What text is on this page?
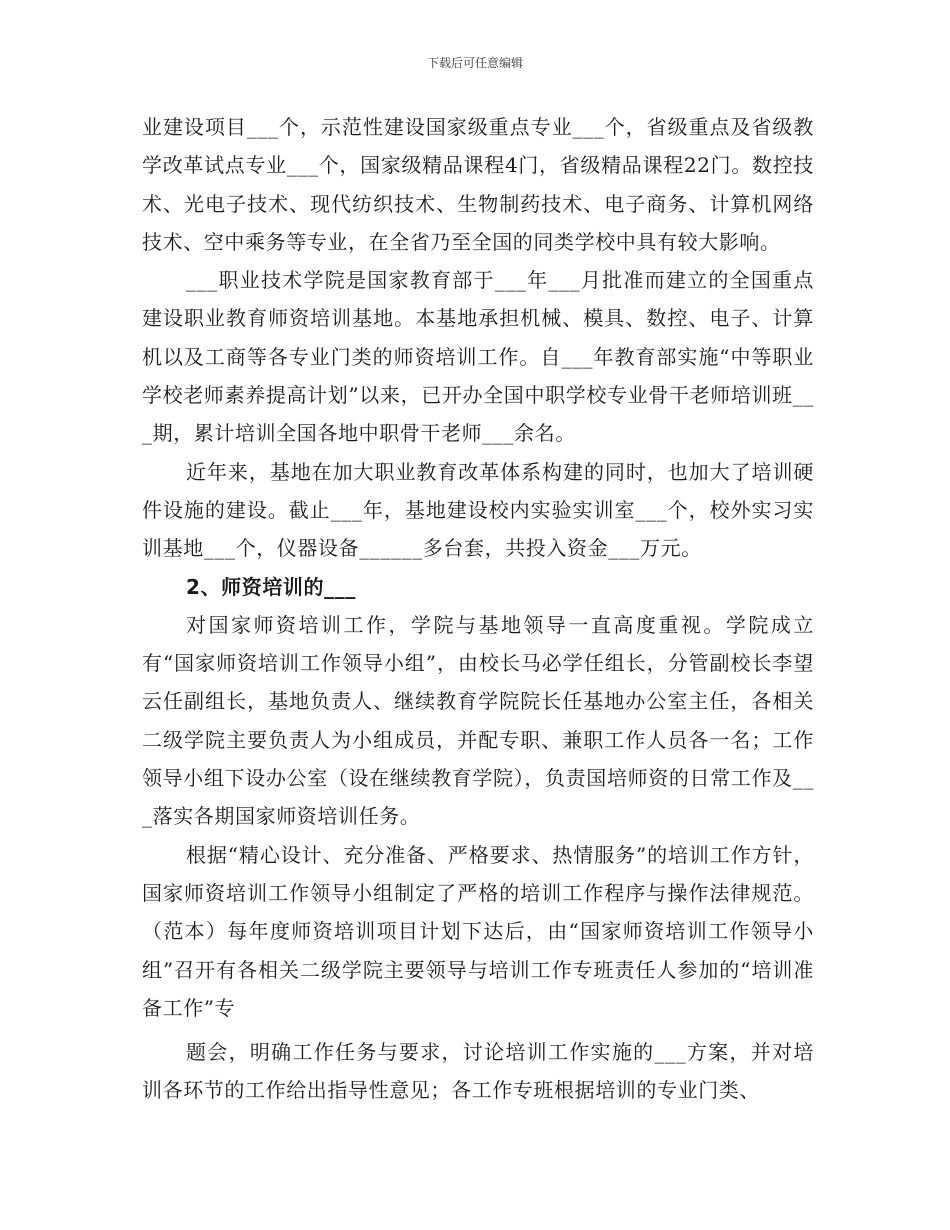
下载后可任意编辑

业建设项目___个，示范性建设国家级重点专业___个，省级重点及省级教学改革试点专业___个，国家级精品课程4门，省级精品课程22门。数控技术、光电子技术、现代纺织技术、生物制药技术、电子商务、计算机网络技术、空中乘务等专业，在全省乃至全国的同类学校中具有较大影响。

___职业技术学院是国家教育部于___年___月批准而建立的全国重点建设职业教育师资培训基地。本基地承担机械、模具、数控、电子、计算机以及工商等各专业门类的师资培训工作。自___年教育部实施“中等职业学校老师素养提高计划”以来，已开办全国中职学校专业骨干老师培训班___期，累计培训全国各地中职骨干老师___余名。

近年来，基地在加大职业教育改革体系构建的同时，也加大了培训硬件设施的建设。截止___年，基地建设校内实验实训室___个，校外实习实训基地___个，仪器设备______多台套，共投入资金___万元。

2、师资培训的___

对国家师资培训工作，学院与基地领导一直高度重视。学院成立有“国家师资培训工作领导小组”，由校长马必学任组长，分管副校长李望云任副组长，基地负责人、继续教育学院院长任基地办公室主任，各相关二级学院主要负责人为小组成员，并配专职、兼职工作人员各一名；工作领导小组下设办公室（设在继续教育学院），负责国培师资的日常工作及___落实各期国家师资培训任务。

根据“精心设计、充分准备、严格要求、热情服务”的培训工作方针，国家师资培训工作领导小组制定了严格的培训工作程序与操作法律规范。（范本）每年度师资培训项目计划下达后，由“国家师资培训工作领导小组”召开有各相关二级学院主要领导与培训工作专班责任人参加的“培训准备工作”专

题会，明确工作任务与要求，讨论培训工作实施的___方案，并对培训各环节的工作给出指导性意见；各工作专班根据培训的专业门类、
